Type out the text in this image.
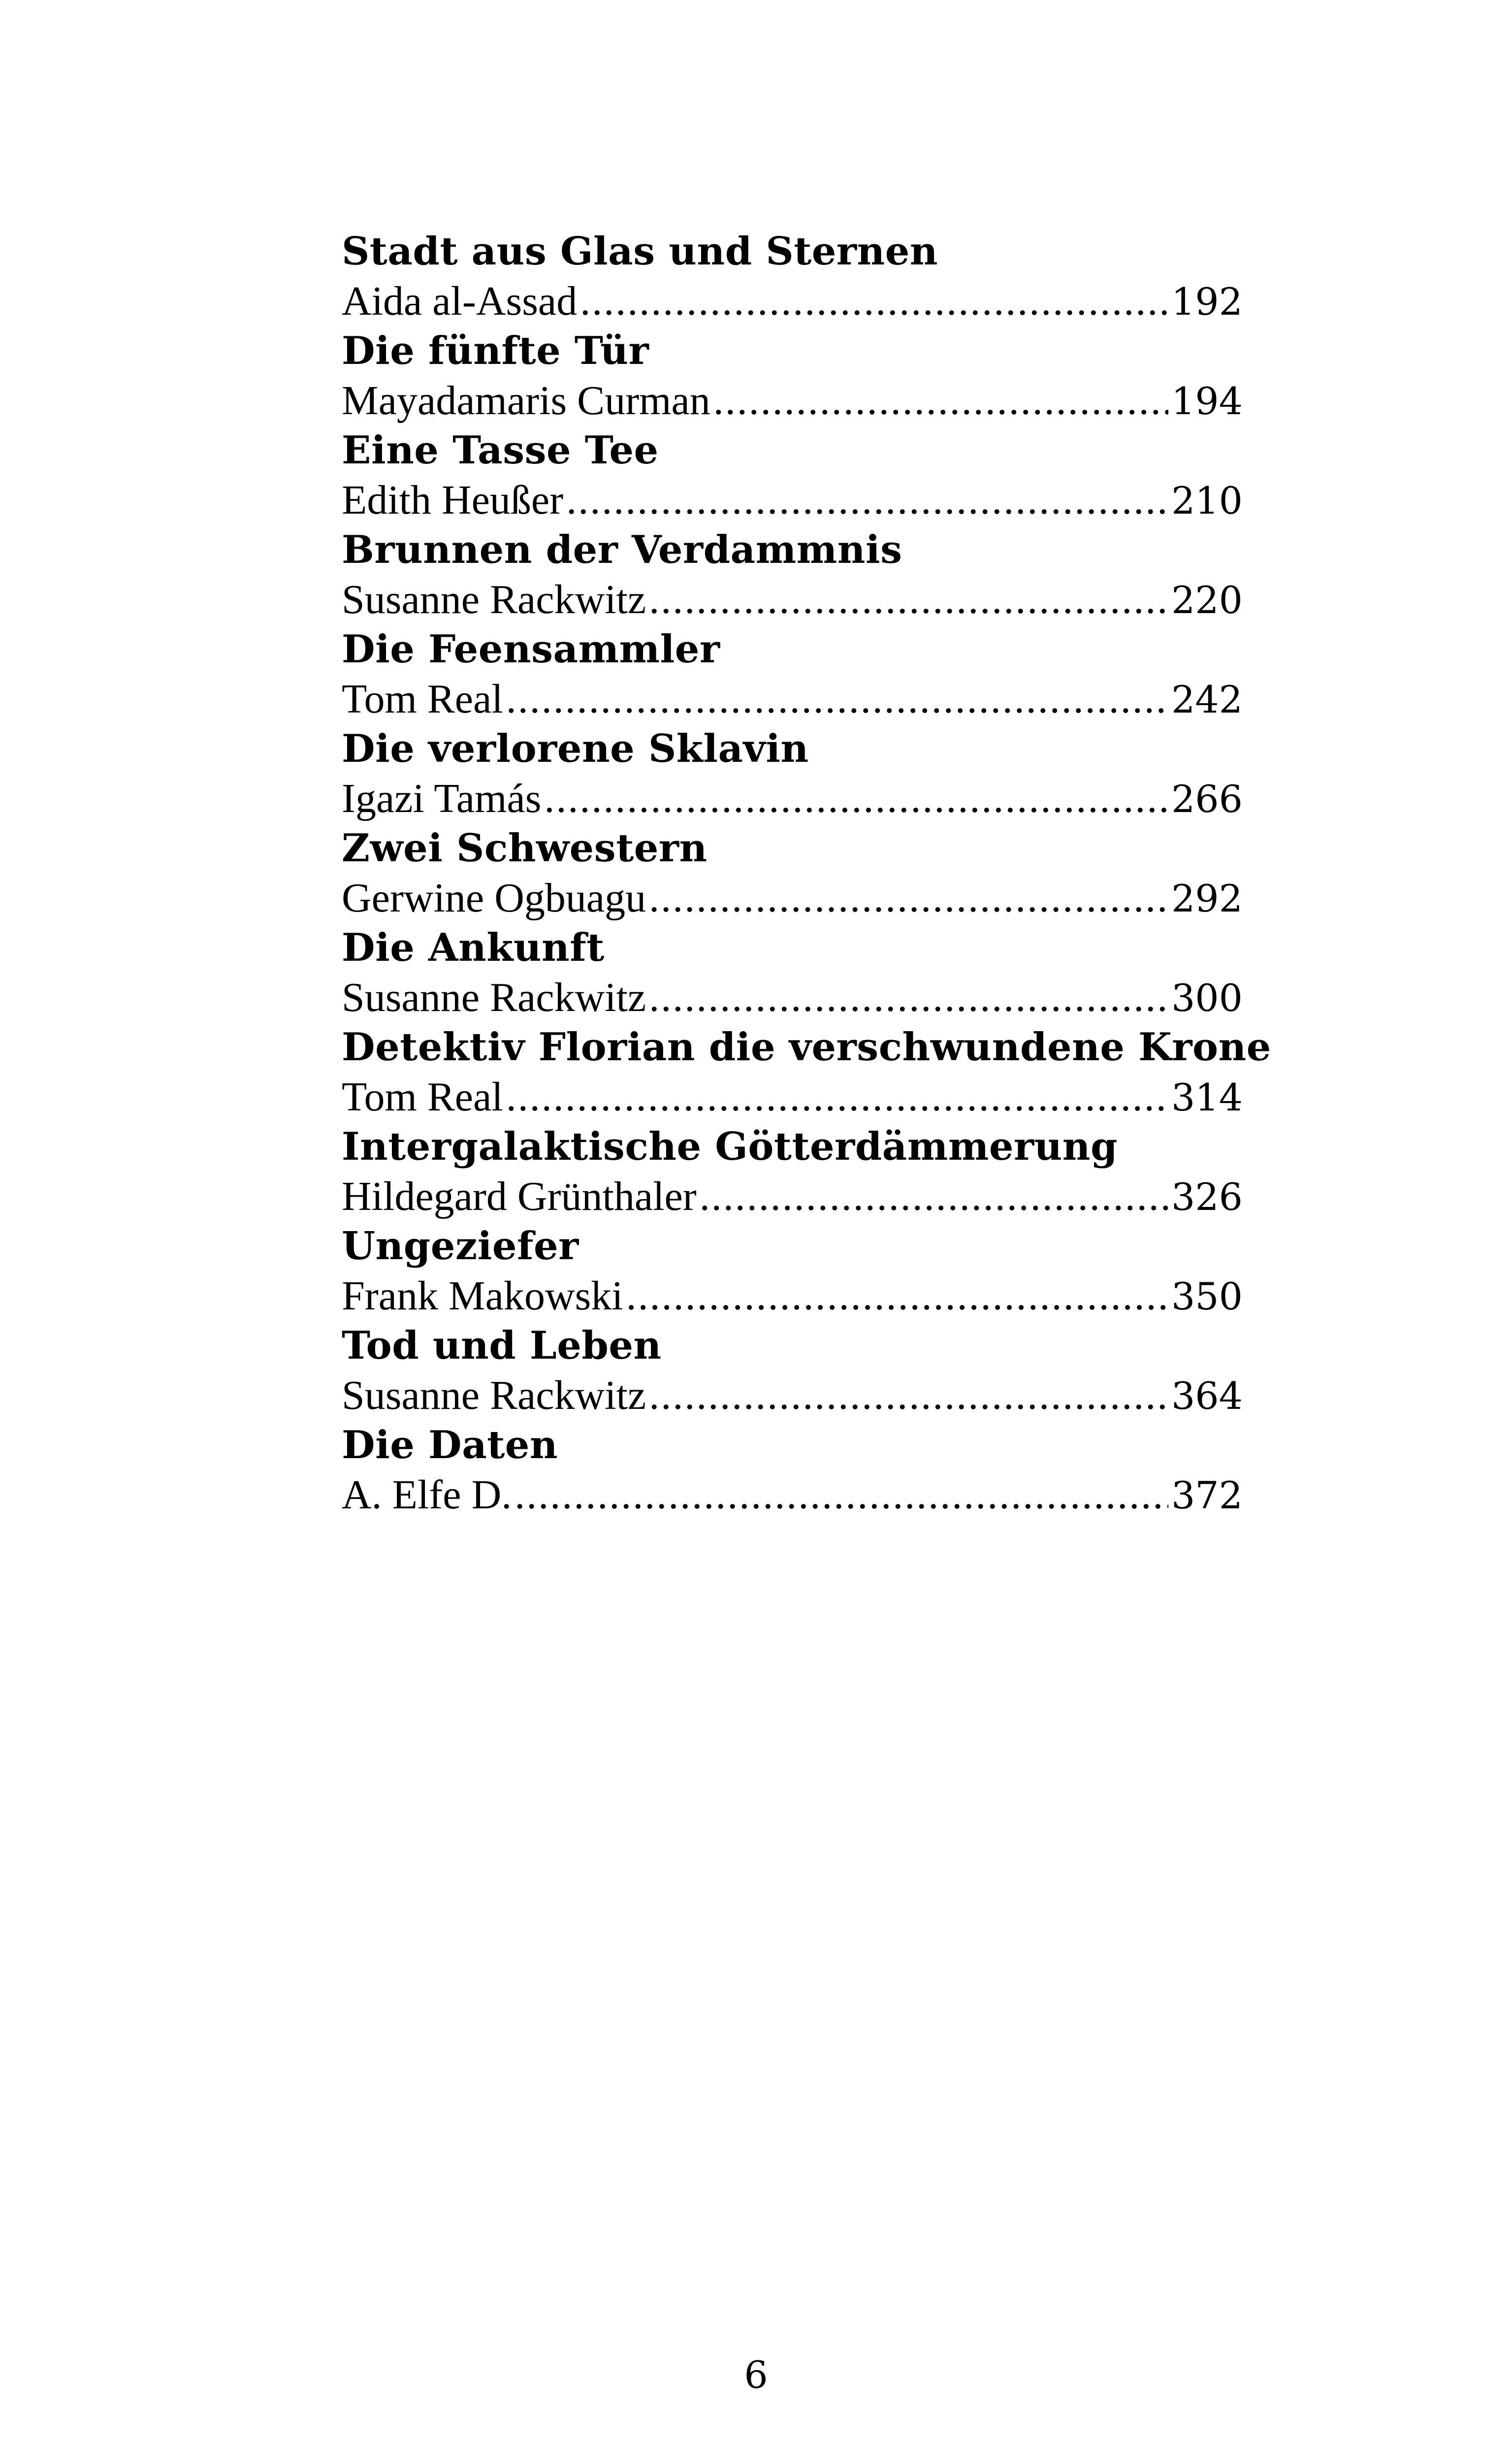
Stadt aus Glas und Sternen
Aida al-Assad .....	192
Die fünfte Tür
Mayadamaris Curman .....	194
Eine Tasse Tee
Edith Heußer .....	210
Brunnen der Verdammnis
Susanne Rackwitz .....	220
Die Feensammler
Tom Real .....	242
Die verlorene Sklavin
Igazi Tamás .....	266
Zwei Schwestern
Gerwine Ogbuagu .....	292
Die Ankunft
Susanne Rackwitz .....	300
Detektiv Florian die verschwundene Krone
Tom Real .....	314
Intergalaktische Götterdämmerung
Hildegard Grünthaler .....	326
Ungeziefer
Frank Makowski .....	350
Tod und Leben
Susanne Rackwitz .....	364
Die Daten
A. Elfe D. .....	372
6
